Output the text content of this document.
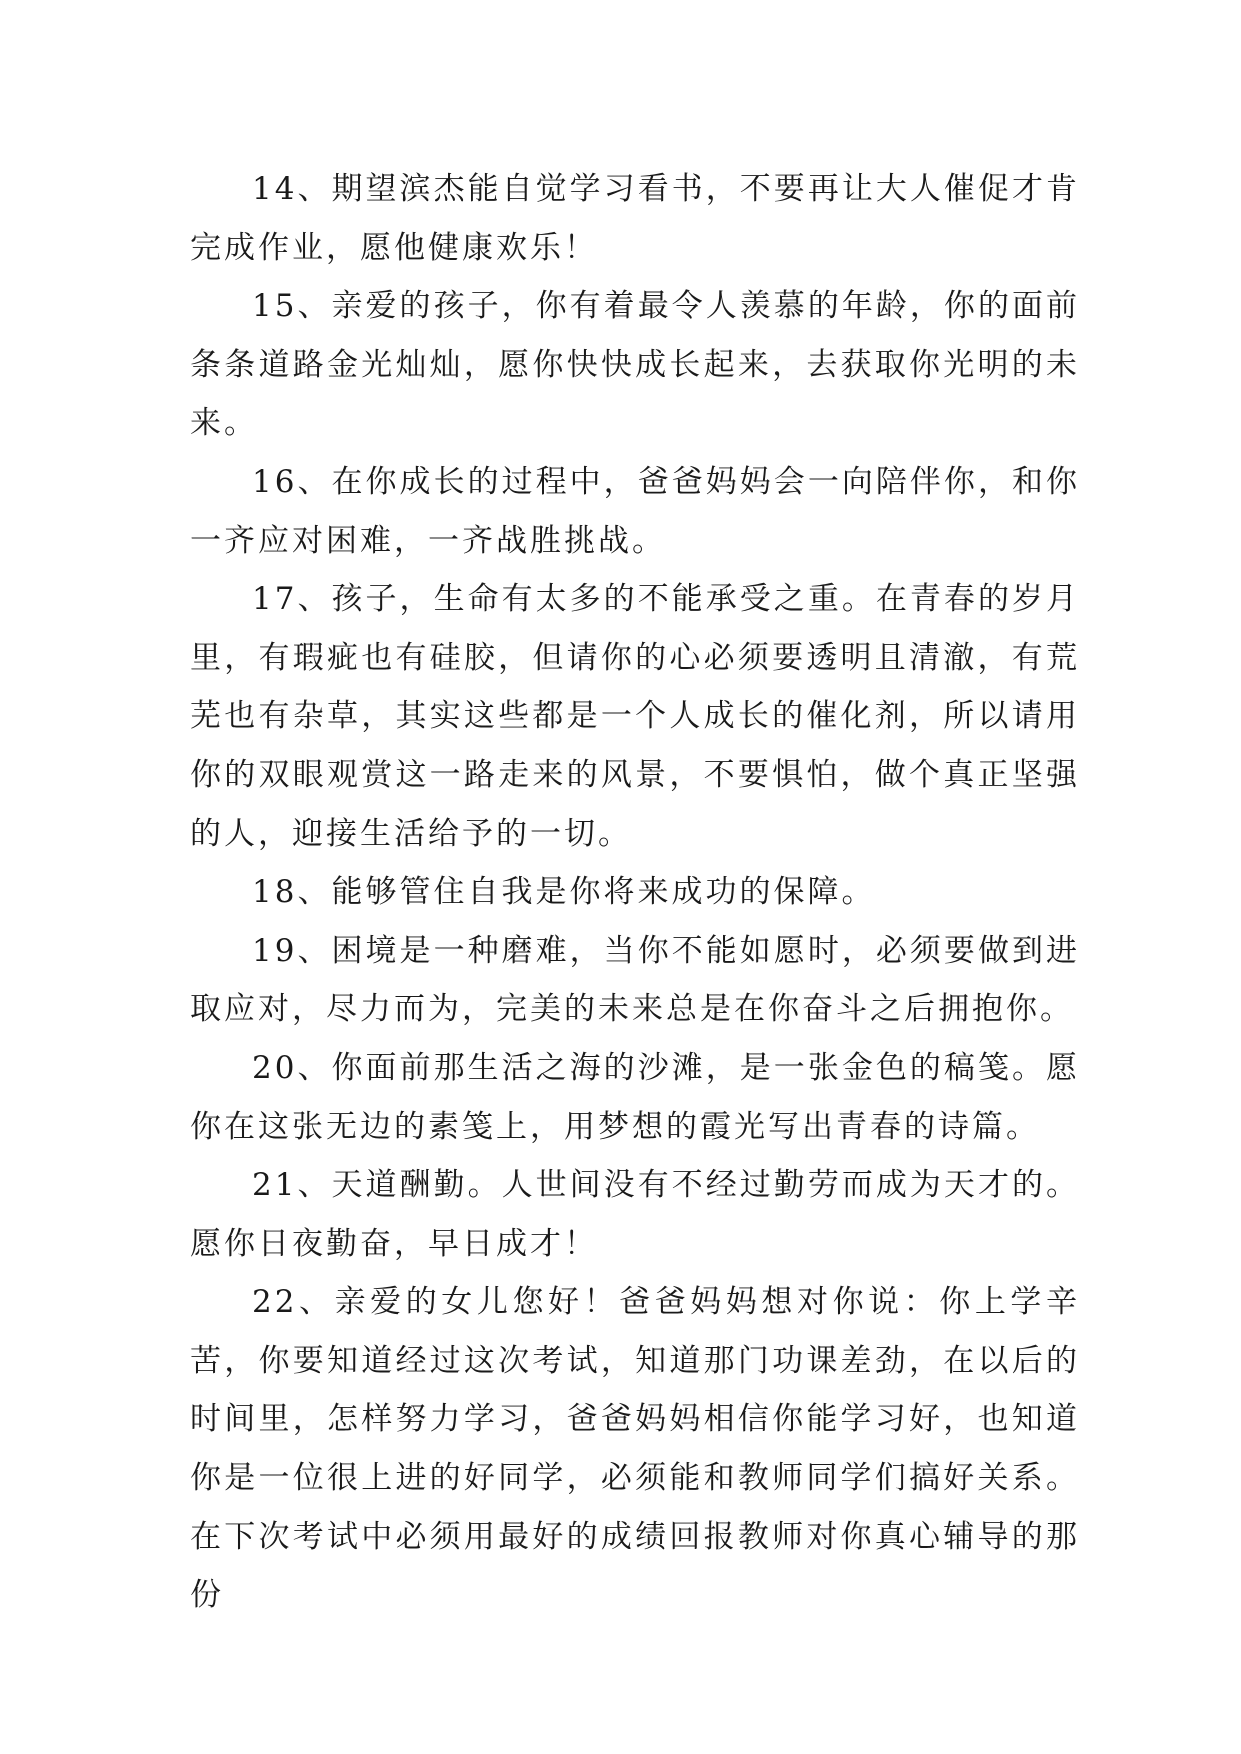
14、期望滨杰能自觉学习看书，不要再让大人催促才肯完成作业，愿他健康欢乐！

15、亲爱的孩子，你有着最令人羡慕的年龄，你的面前条条道路金光灿灿，愿你快快成长起来，去获取你光明的未来。

16、在你成长的过程中，爸爸妈妈会一向陪伴你，和你一齐应对困难，一齐战胜挑战。

17、孩子，生命有太多的不能承受之重。在青春的岁月里，有瑕疵也有硅胶，但请你的心必须要透明且清澈，有荒芜也有杂草，其实这些都是一个人成长的催化剂，所以请用你的双眼观赏这一路走来的风景，不要惧怕，做个真正坚强的人，迎接生活给予的一切。

18、能够管住自我是你将来成功的保障。

19、困境是一种磨难，当你不能如愿时，必须要做到进取应对，尽力而为，完美的未来总是在你奋斗之后拥抱你。

20、你面前那生活之海的沙滩，是一张金色的稿笺。愿你在这张无边的素笺上，用梦想的霞光写出青春的诗篇。

21、天道酬勤。人世间没有不经过勤劳而成为天才的。愿你日夜勤奋，早日成才！

22、亲爱的女儿您好！爸爸妈妈想对你说：你上学辛苦，你要知道经过这次考试，知道那门功课差劲，在以后的时间里，怎样努力学习，爸爸妈妈相信你能学习好，也知道你是一位很上进的好同学，必须能和教师同学们搞好关系。在下次考试中必须用最好的成绩回报教师对你真心辅导的那份
